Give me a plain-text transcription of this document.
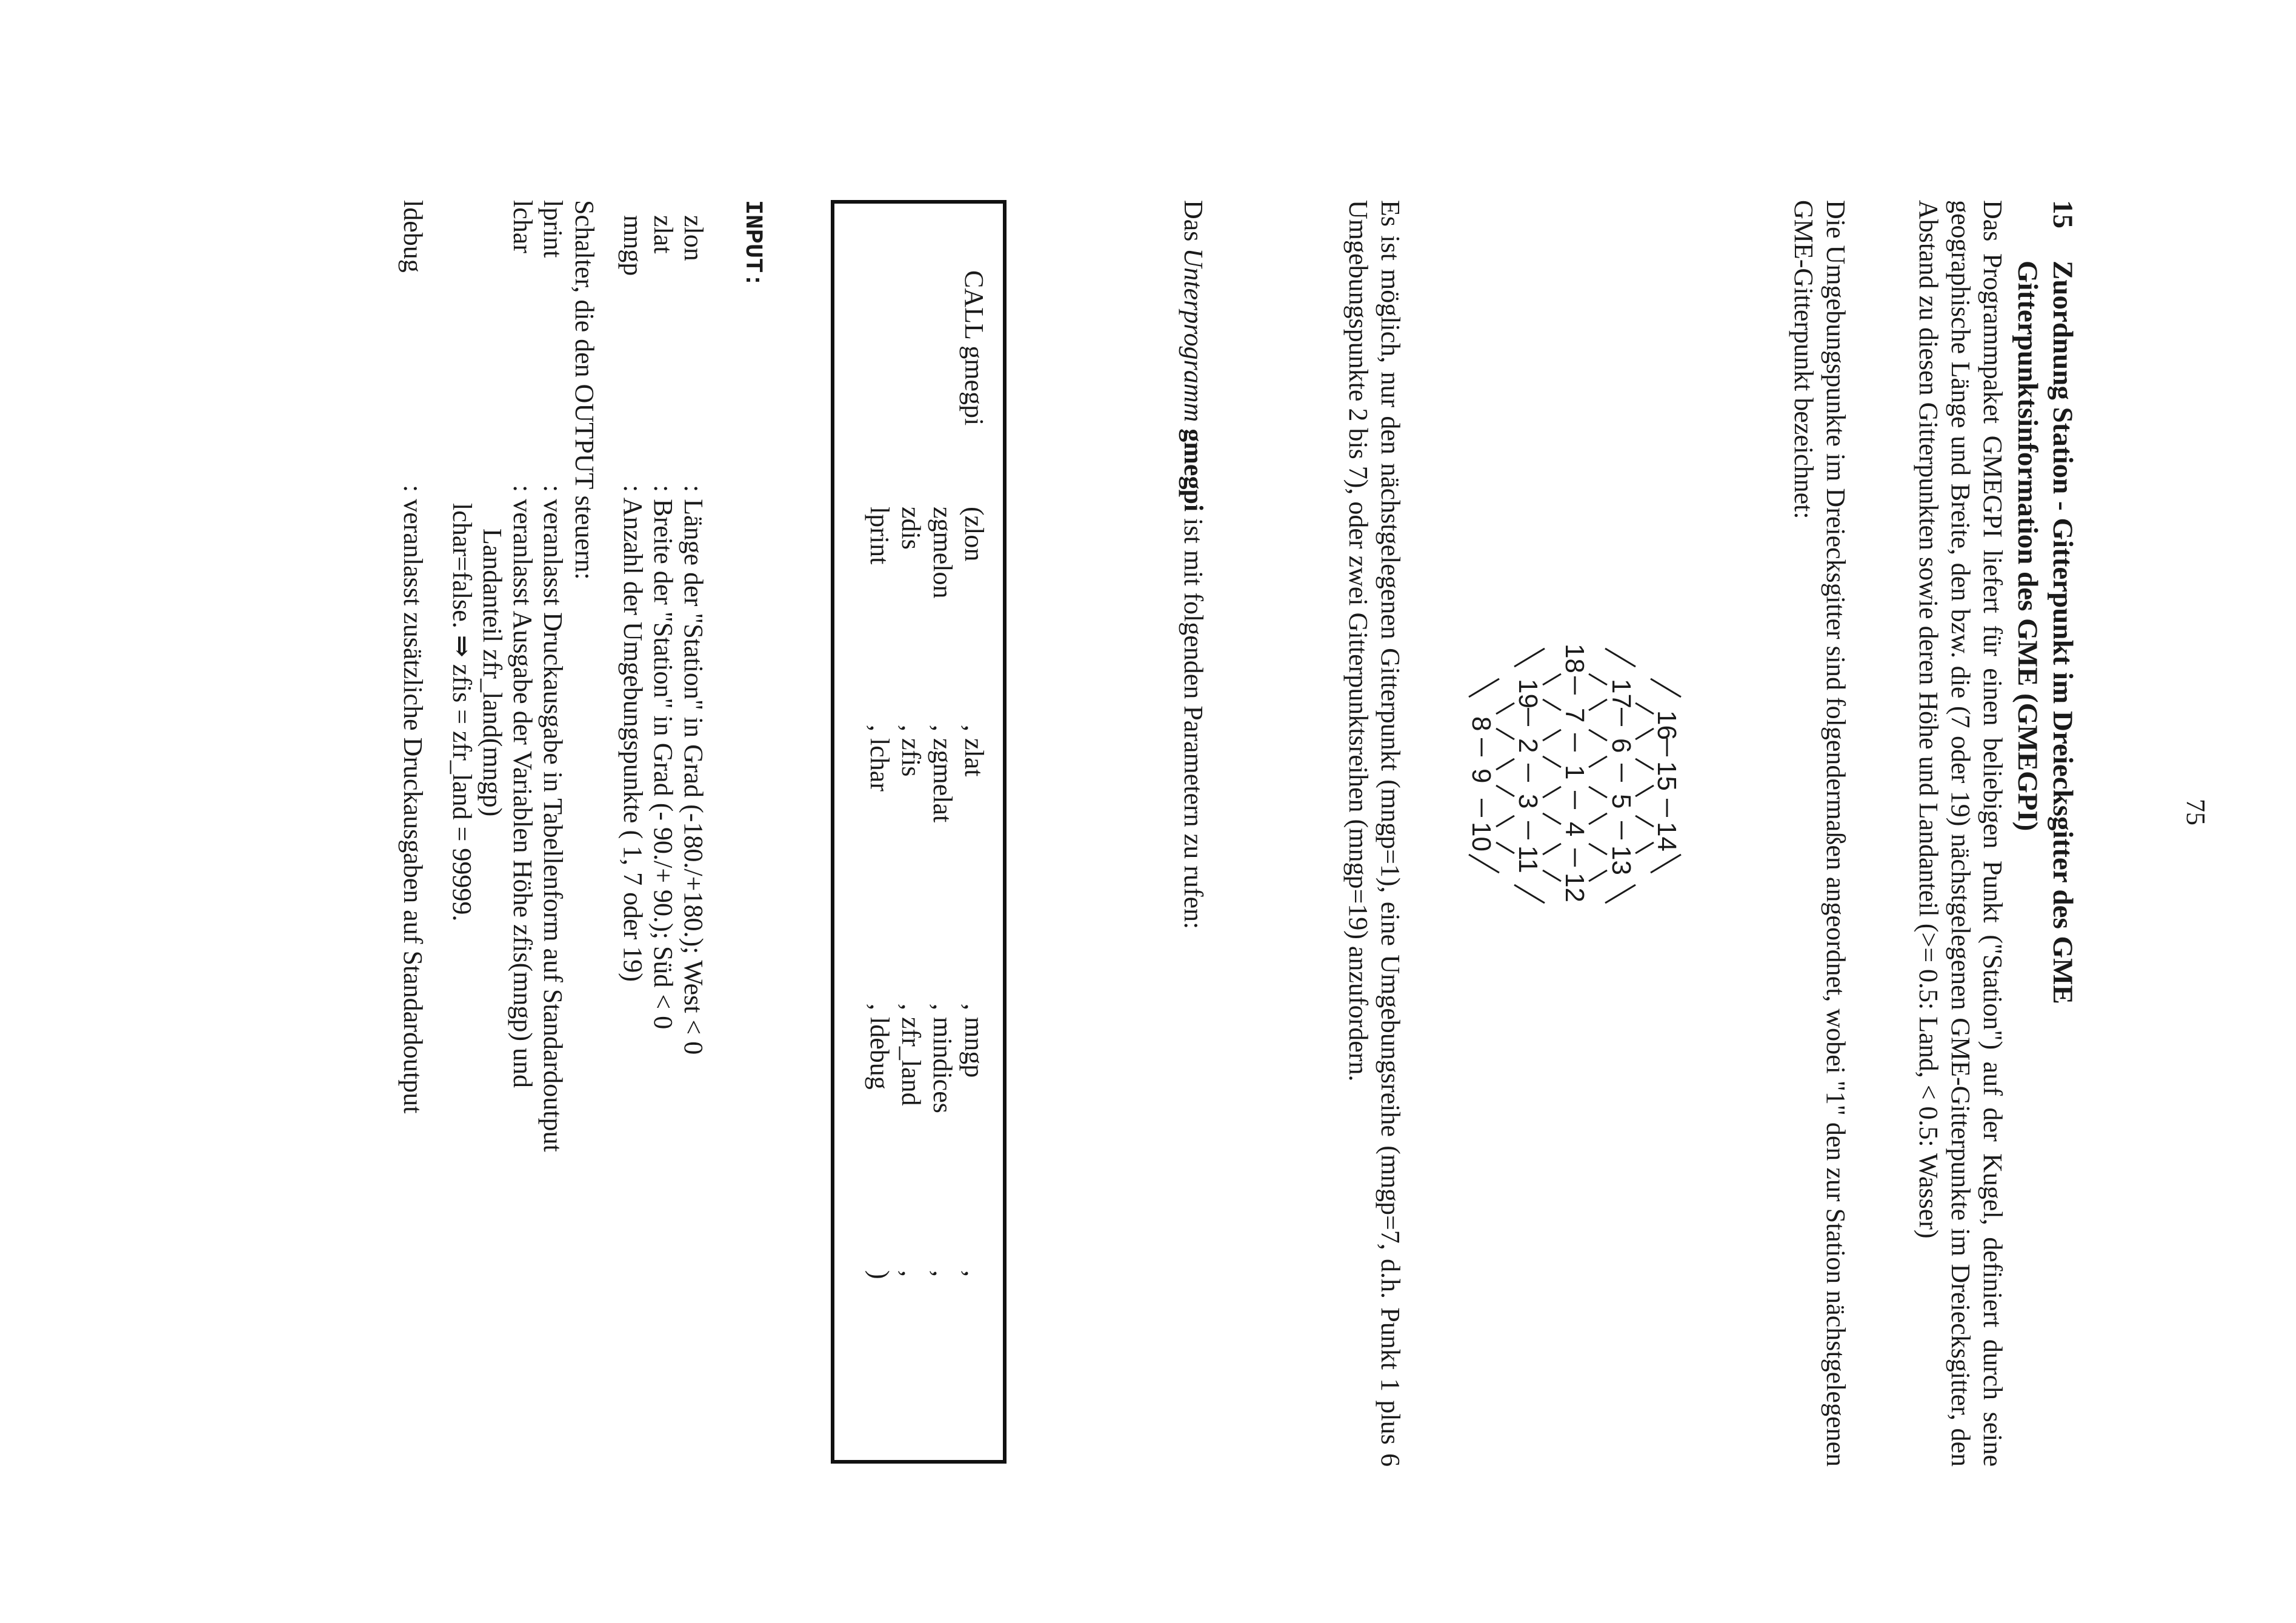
75
15
Zuordnung Station - Gitterpunkt im Dreiecksgitter des GME
Gitterpunktsinformation des GME (GMEGPI)
Das Programmpaket GMEGPI liefert für einen beliebigen Punkt ("Station") auf der Kugel, definiert durch seine geographische Länge und Breite, den bzw. die (7 oder 19) nächstgelegenen GME-Gitterpunkte im Dreiecksgitter, den Abstand zu diesen Gitterpunkten sowie deren Höhe und Landanteil (>= 0.5: Land, < 0.5: Wasser)
Die Umgebungspunkte im Dreiecksgitter sind folgendermaßen angeordnet, wobei "1" den zur Station nächstgelegenen GME-Gitterpunkt bezeichnet:
16
15
14
17
6
5
13
18
7
1
4
12
19
2
3
11
8
9
10
Es ist möglich, nur den nächstgelegenen Gitterpunkt (mngp=1), eine Umgebungsreihe (mngp=7, d.h. Punkt 1 plus 6 Umgebungspunkte 2 bis 7), oder zwei Gitterpunktsreihen (mngp=19) anzufordern.
Das Unterprogramm gmegpi ist mit folgenden Parametern zu rufen:
CALL gmegpi
(zlon
zgmelon
zdis
lprint
, zlat
, zgmelat
, zfis
, lchar
, mngp
, mindices
, zfr_land
, ldebug
,
,
,
)
INPUT:
zlon
: Länge der "Station" in Grad (-180./+180.); West < 0
zlat
: Breite der "Station" in Grad (- 90./+ 90.); Süd < 0
mngp
: Anzahl der Umgebungspunkte ( 1, 7 oder 19)
Schalter, die den OUTPUT steuern:
lprint
: veranlasst Druckausgabe in Tabellenform auf Standardoutput
lchar
: veranlasst Ausgabe der Variablen Höhe zfis(mngp) und
Landanteil zfr_land(mngp)
lchar=false. ⇒ zfis = zfr_land = 99999.
ldebug
: veranlasst zusätzliche Druckausgaben auf Standardoutput
